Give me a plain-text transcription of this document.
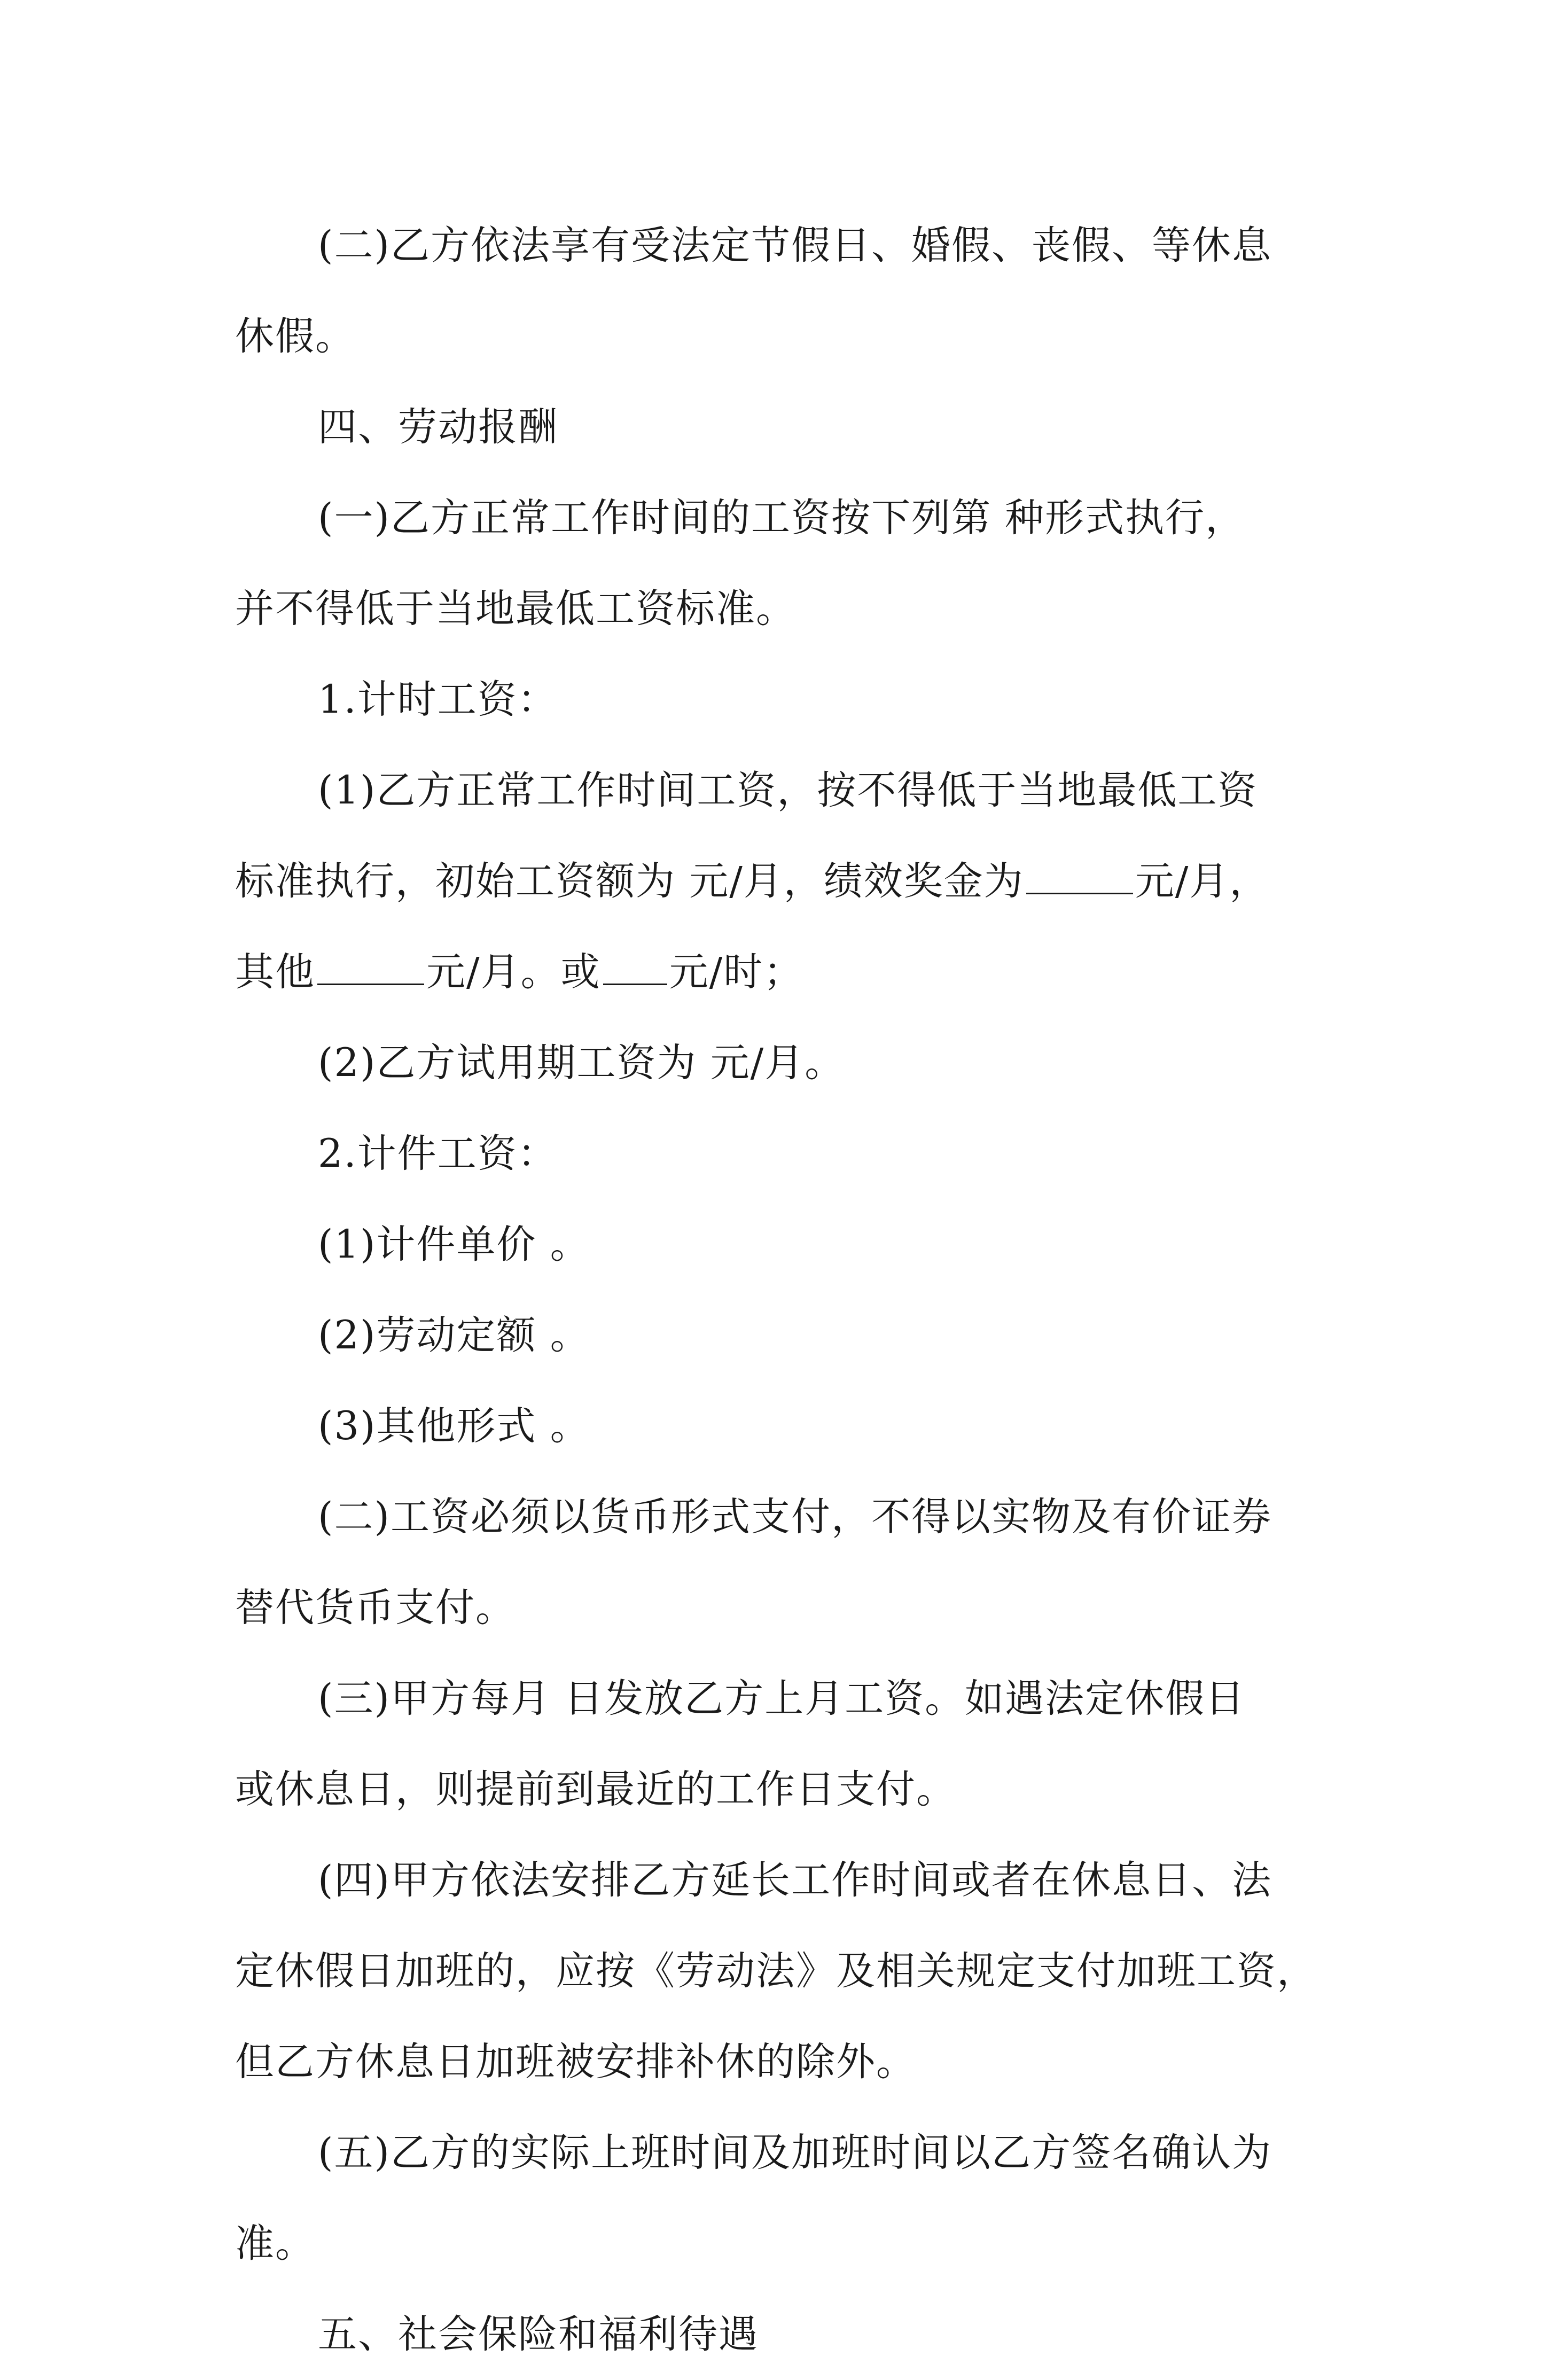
(二)乙方依法享有受法定节假日、婚假、丧假、等休息
休假。

四、劳动报酬

(一)乙方正常工作时间的工资按下列第 种形式执行，
并不得低于当地最低工资标准。

1.计时工资：

(1)乙方正常工作时间工资，按不得低于当地最低工资
标准执行，初始工资额为 元/月，绩效奖金为	元/月，
其他	元/月。或 元/时；

(2)乙方试用期工资为 元/月。

2.计件工资：

(1)计件单价 。

(2)劳动定额 。

(3)其他形式 。

(二)工资必须以货币形式支付，不得以实物及有价证券
替代货币支付。

(三)甲方每月 日发放乙方上月工资。如遇法定休假日
或休息日，则提前到最近的工作日支付。

(四)甲方依法安排乙方延长工作时间或者在休息日、法
定休假日加班的，应按《劳动法》及相关规定支付加班工资，
但乙方休息日加班被安排补休的除外。

(五)乙方的实际上班时间及加班时间以乙方签名确认为
准。

五、社会保险和福利待遇
